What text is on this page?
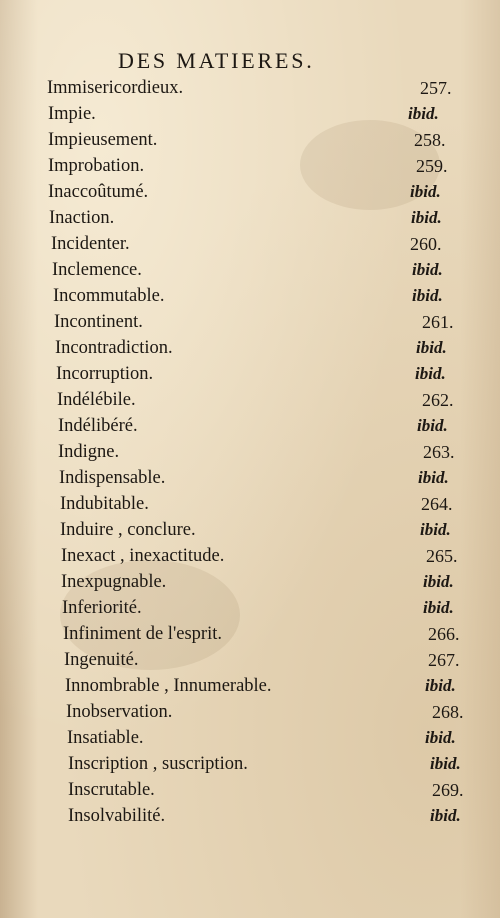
DES MATIERES.
Immisericordieux.	257.
Impie.	ibid.
Impieusement.	258.
Improbation.	259.
Inaccoûtumé.	ibid.
Inaction.	ibid.
Incidenter.	260.
Inclemence.	ibid.
Incommutable.	ibid.
Incontinent.	261.
Incontradiction.	ibid.
Incorruption.	ibid.
Indélébile.	262.
Indélibéré.	ibid.
Indigne.	263.
Indispensable.	ibid.
Indubitable.	264.
Induire , conclure.	ibid.
Inexact , inexactitude.	265.
Inexpugnable.	ibid.
Inferiorité.	ibid.
Infiniment de l'esprit.	266.
Ingenuité.	267.
Innombrable , Innumerable.	ibid.
Inobservation.	268.
Insatiable.	ibid.
Inscription , suscription.	ibid.
Inscrutable.	269.
Insolvabilité.	ibid.
